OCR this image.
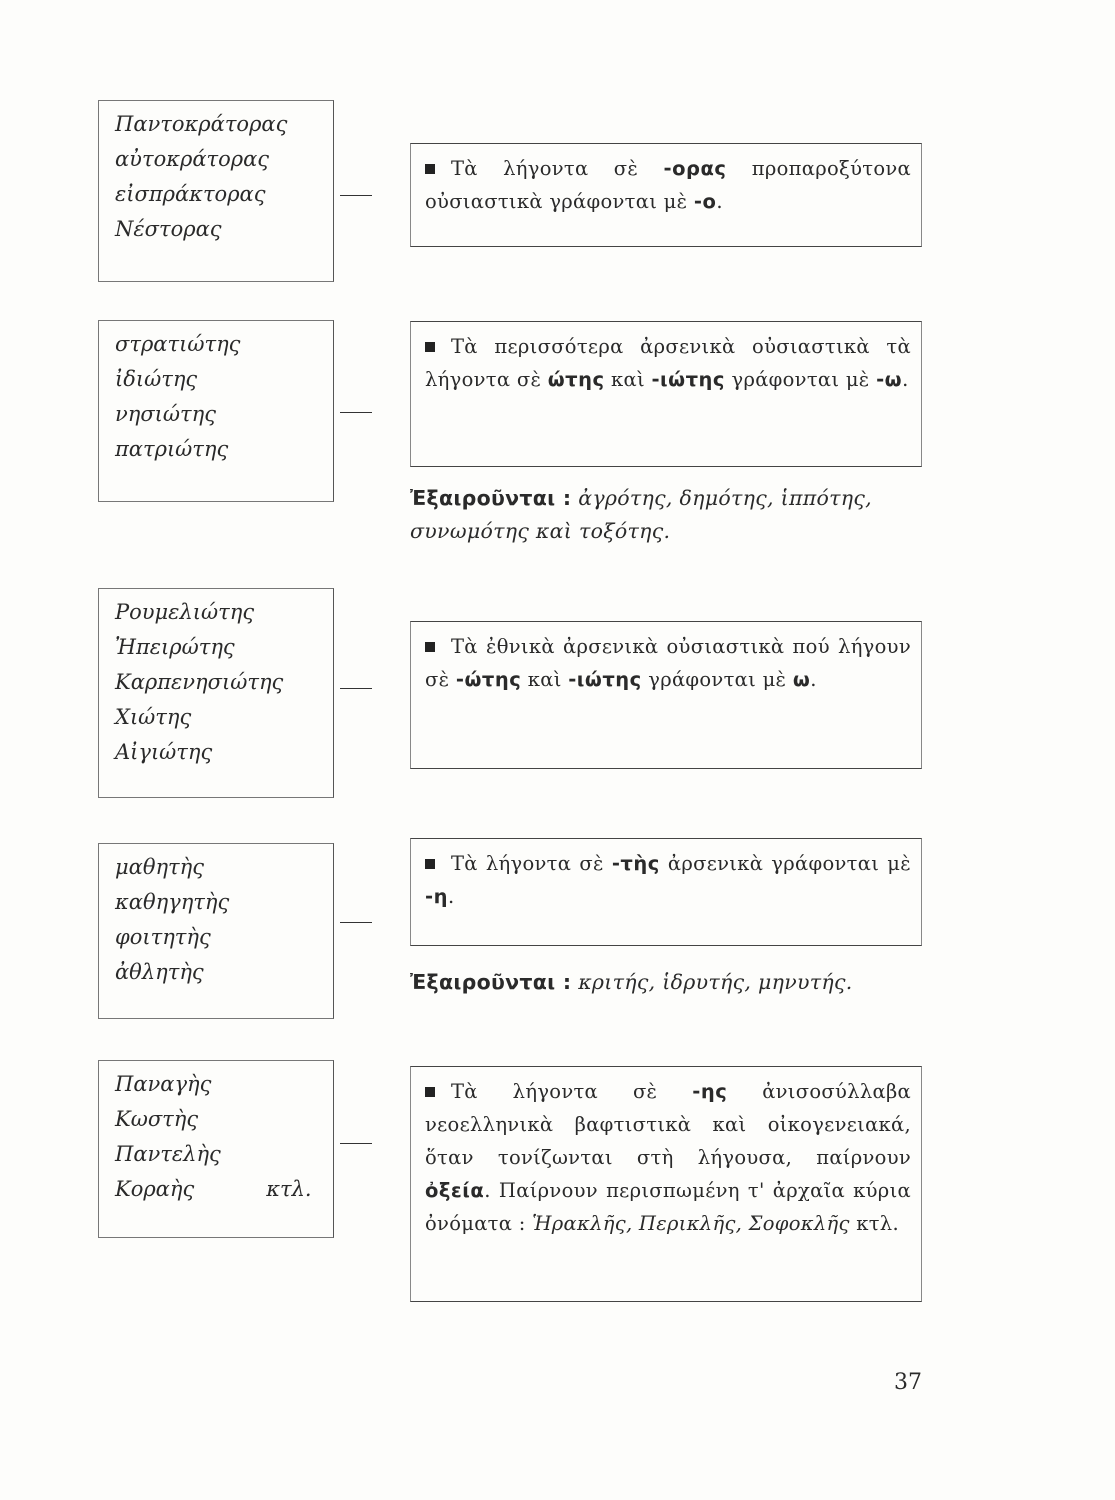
Παντοκράτορας
αὐτοκράτορας
εἰσπράκτορας
Νέστορας
Τὰ λήγοντα σὲ -ορας προπαροξύτονα οὐσιαστικὰ γράφονται μὲ -ο.
στρατιώτης
ἰδιώτης
νησιώτης
πατριώτης
Τὰ περισσότερα ἀρσενικὰ οὐσιαστικὰ τὰ λήγοντα σὲ ώτης καὶ -ιώτης γράφονται μὲ -ω.
Ἐξαιροῦνται : ἀγρότης, δημότης, ἱππότης, συνωμότης καὶ τοξότης.
Ρουμελιώτης
Ἠπειρώτης
Καρπενησιώτης
Χιώτης
Αἰγιώτης
Τὰ ἐθνικὰ ἀρσενικὰ οὐσιαστικὰ πού λήγουν σὲ -ώτης καὶ -ιώτης γράφονται μὲ ω.
μαθητὴς
καθηγητὴς
φοιτητὴς
ἀθλητὴς
Τὰ λήγοντα σὲ -τὴς ἀρσενικὰ γράφονται μὲ -η.
Ἐξαιροῦνται : κριτής, ἱδρυτής, μηνυτής.
Παναγὴς
Κωστὴς
Παντελὴς
Κοραὴς	κτλ.
Τὰ λήγοντα σὲ -ης ἀνισοσύλλαβα νεοελληνικὰ βαφτιστικὰ καὶ οἰκογενειακά, ὅταν τονίζωνται στὴ λήγουσα, παίρνουν ὀξεία. Παίρνουν περισπωμένη τ' ἀρχαῖα κύρια ὀνόματα : Ἡρακλῆς, Περικλῆς, Σοφοκλῆς κτλ.
37
